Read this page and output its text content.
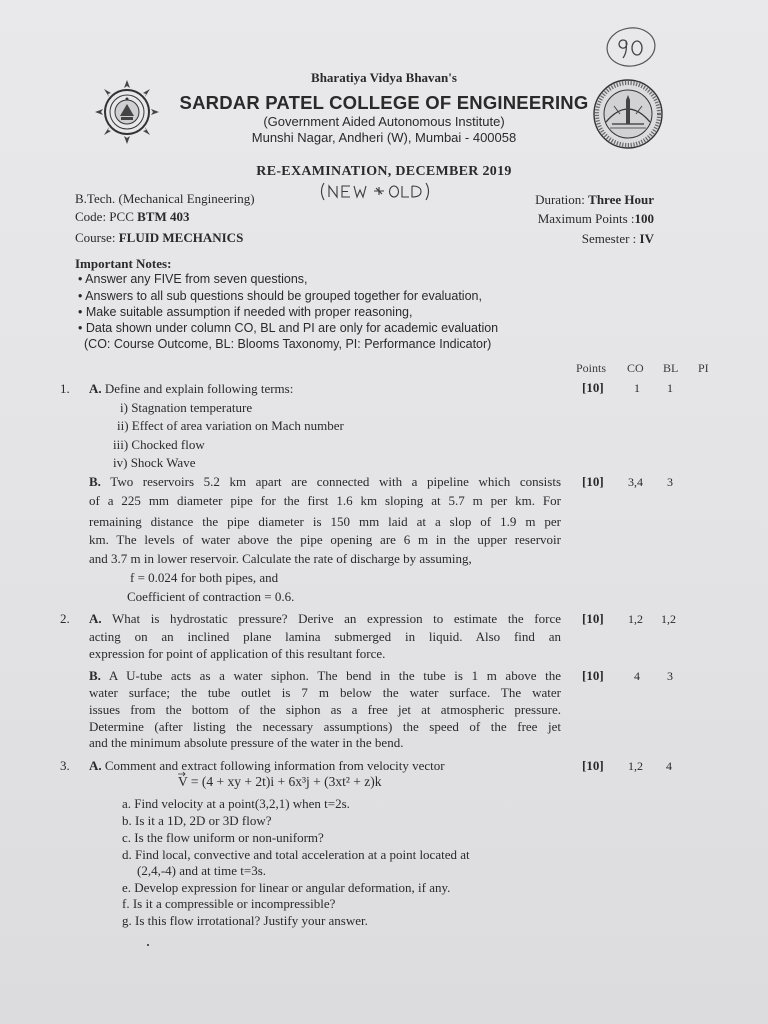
Bharatiya Vidya Bhavan's
SARDAR PATEL COLLEGE OF ENGINEERING
(Government Aided Autonomous Institute)
Munshi Nagar, Andheri (W), Mumbai - 400058
RE-EXAMINATION, DECEMBER 2019
B.Tech. (Mechanical Engineering)
Code: PCC BTM 403
Course: FLUID MECHANICS
Duration: Three Hour
Maximum Points :100
Semester : IV
Important Notes:
• Answer any FIVE from seven questions,
• Answers to all sub questions should be grouped together for evaluation,
• Make suitable assumption if needed with proper reasoning,
• Data shown under column CO, BL and PI are only for academic evaluation
(CO: Course Outcome, BL: Blooms Taxonomy, PI: Performance Indicator)
Points CO BL PI
1. A. Define and explain following terms:	[10]	1 1
i) Stagnation temperature
ii) Effect of area variation on Mach number
iii) Chocked flow
iv) Shock Wave
B. Two reservoirs 5.2 km apart are connected with a pipeline which consists
of a 225 mm diameter pipe for the first 1.6 km sloping at 5.7 m per km. For
remaining distance the pipe diameter is 150 mm laid at a slop of 1.9 m per
km. The levels of water above the pipe opening are 6 m in the upper reservoir
and 3.7 m in lower reservoir. Calculate the rate of discharge by assuming,
f = 0.024 for both pipes, and
Coefficient of contraction = 0.6.
[10] 3,4 3
2. A. What is hydrostatic pressure? Derive an expression to estimate the force
acting on an inclined plane lamina submerged in liquid. Also find an
expression for point of application of this resultant force.
[10] 1,2 1,2
B. A U-tube acts as a water siphon. The bend in the tube is 1 m above the
water surface; the tube outlet is 7 m below the water surface. The water
issues from the bottom of the siphon as a free jet at atmospheric pressure.
Determine (after listing the necessary assumptions) the speed of the free jet
and the minimum absolute pressure of the water in the bend.
[10]	4 3
3. A. Comment and extract following information from velocity vector	[10] 1,2 4
V = (4 + xy + 2t)i + 6x³j + (3xt² + z)k
a. Find velocity at a point(3,2,1) when t=2s.
b. Is it a 1D, 2D or 3D flow?
c. Is the flow uniform or non-uniform?
d. Find local, convective and total acceleration at a point located at
(2,4,-4) and at time t=3s.
e. Develop expression for linear or angular deformation, if any.
f. Is it a compressible or incompressible?
g. Is this flow irrotational? Justify your answer.
